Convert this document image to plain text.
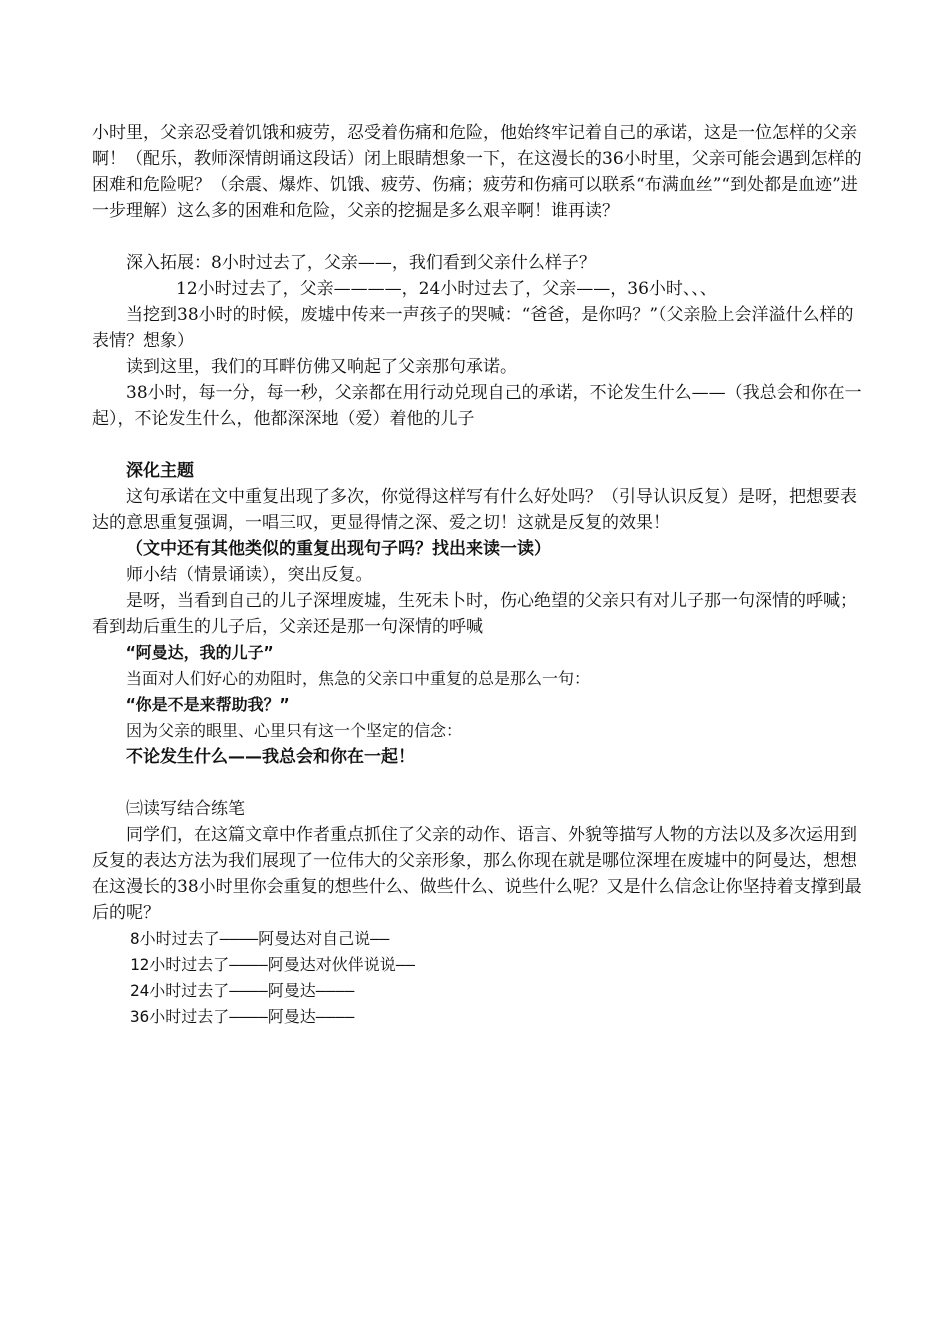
小时里，父亲忍受着饥饿和疲劳，忍受着伤痛和危险，他始终牢记着自己的承诺，这是一位怎样的父亲啊！（配乐，教师深情朗诵这段话）闭上眼睛想象一下，在这漫长的36小时里，父亲可能会遇到怎样的困难和危险呢？（余震、爆炸、饥饿、疲劳、伤痛；疲劳和伤痛可以联系“布满血丝”“到处都是血迹”进一步理解）这么多的困难和危险，父亲的挖掘是多么艰辛啊！谁再读？

深入拓展：8小时过去了，父亲——，我们看到父亲什么样子？

12小时过去了，父亲————，24小时过去了，父亲——，36小时、、、

当挖到38小时的时候，废墟中传来一声孩子的哭喊：“爸爸，是你吗？”（父亲脸上会洋溢什么样的表情？想象）

读到这里，我们的耳畔仿佛又响起了父亲那句承诺。

38小时，每一分，每一秒，父亲都在用行动兑现自己的承诺，不论发生什么——（我总会和你在一起），不论发生什么，他都深深地（爱）着他的儿子

深化主题

这句承诺在文中重复出现了多次，你觉得这样写有什么好处吗？（引导认识反复）是呀，把想要表达的意思重复强调，一唱三叹，更显得情之深、爱之切！这就是反复的效果！

（文中还有其他类似的重复出现句子吗？找出来读一读）

师小结（情景诵读），突出反复。

是呀，当看到自己的儿子深埋废墟，生死未卜时，伤心绝望的父亲只有对儿子那一句深情的呼喊；看到劫后重生的儿子后，父亲还是那一句深情的呼喊

“阿曼达，我的儿子”

当面对人们好心的劝阻时，焦急的父亲口中重复的总是那么一句：

“你是不是来帮助我？”

因为父亲的眼里、心里只有这一个坚定的信念：

不论发生什么——我总会和你在一起！

㈢读写结合练笔

同学们，在这篇文章中作者重点抓住了父亲的动作、语言、外貌等描写人物的方法以及多次运用到反复的表达方法为我们展现了一位伟大的父亲形象，那么你现在就是哪位深埋在废墟中的阿曼达，想想在这漫长的38小时里你会重复的想些什么、做些什么、说些什么呢？又是什么信念让你坚持着支撑到最后的呢？

8小时过去了————阿曼达对自己说——

12小时过去了————阿曼达对伙伴说说——

24小时过去了————阿曼达————

36小时过去了————阿曼达————
